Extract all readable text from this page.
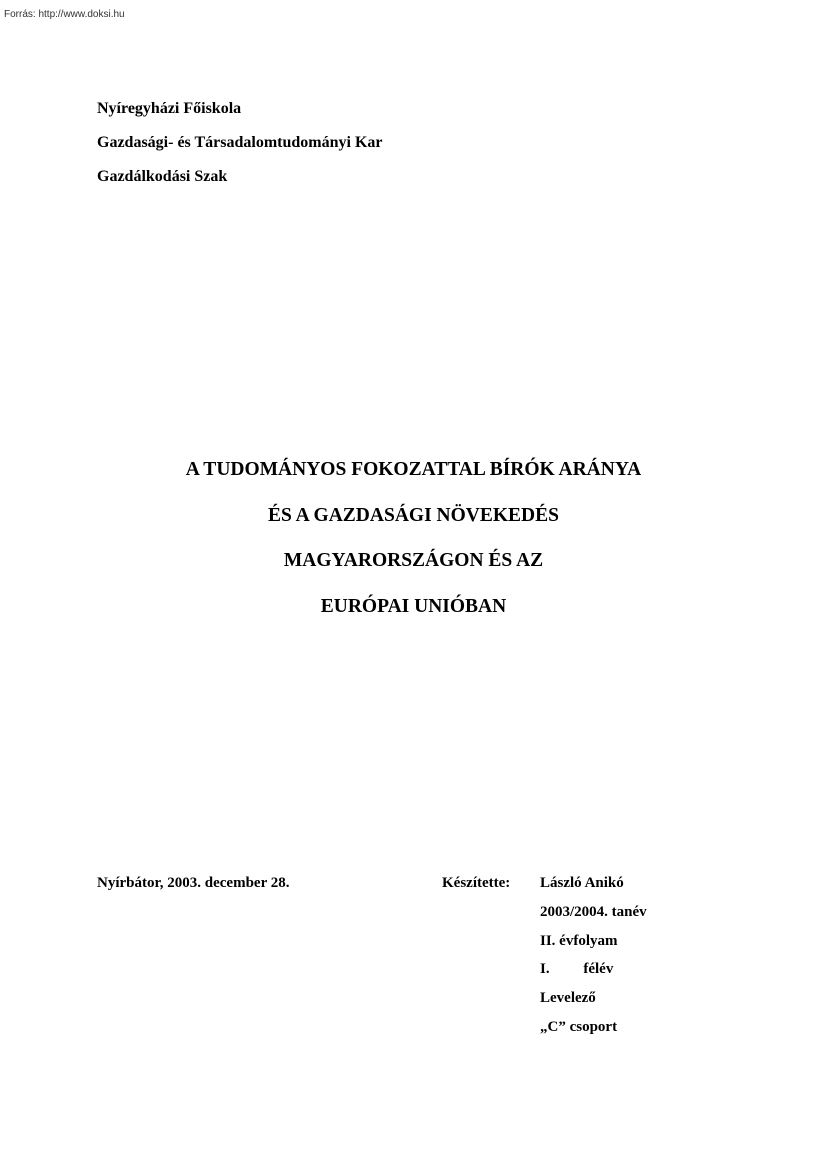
Forrás: http://www.doksi.hu
Nyíregyházi Főiskola
Gazdasági- és Társadalomtudományi Kar
Gazdálkodási Szak
A TUDOMÁNYOS FOKOZATTAL BÍRÓK ARÁNYA
ÉS A GAZDASÁGI NÖVEKEDÉS
MAGYARORSZÁGON ÉS AZ
EURÓPAI UNIÓBAN
Nyírbátor, 2003. december 28.	Készítette: László Anikó
2003/2004. tanév
II. évfolyam
I.         félév
Levelező
„C” csoport
